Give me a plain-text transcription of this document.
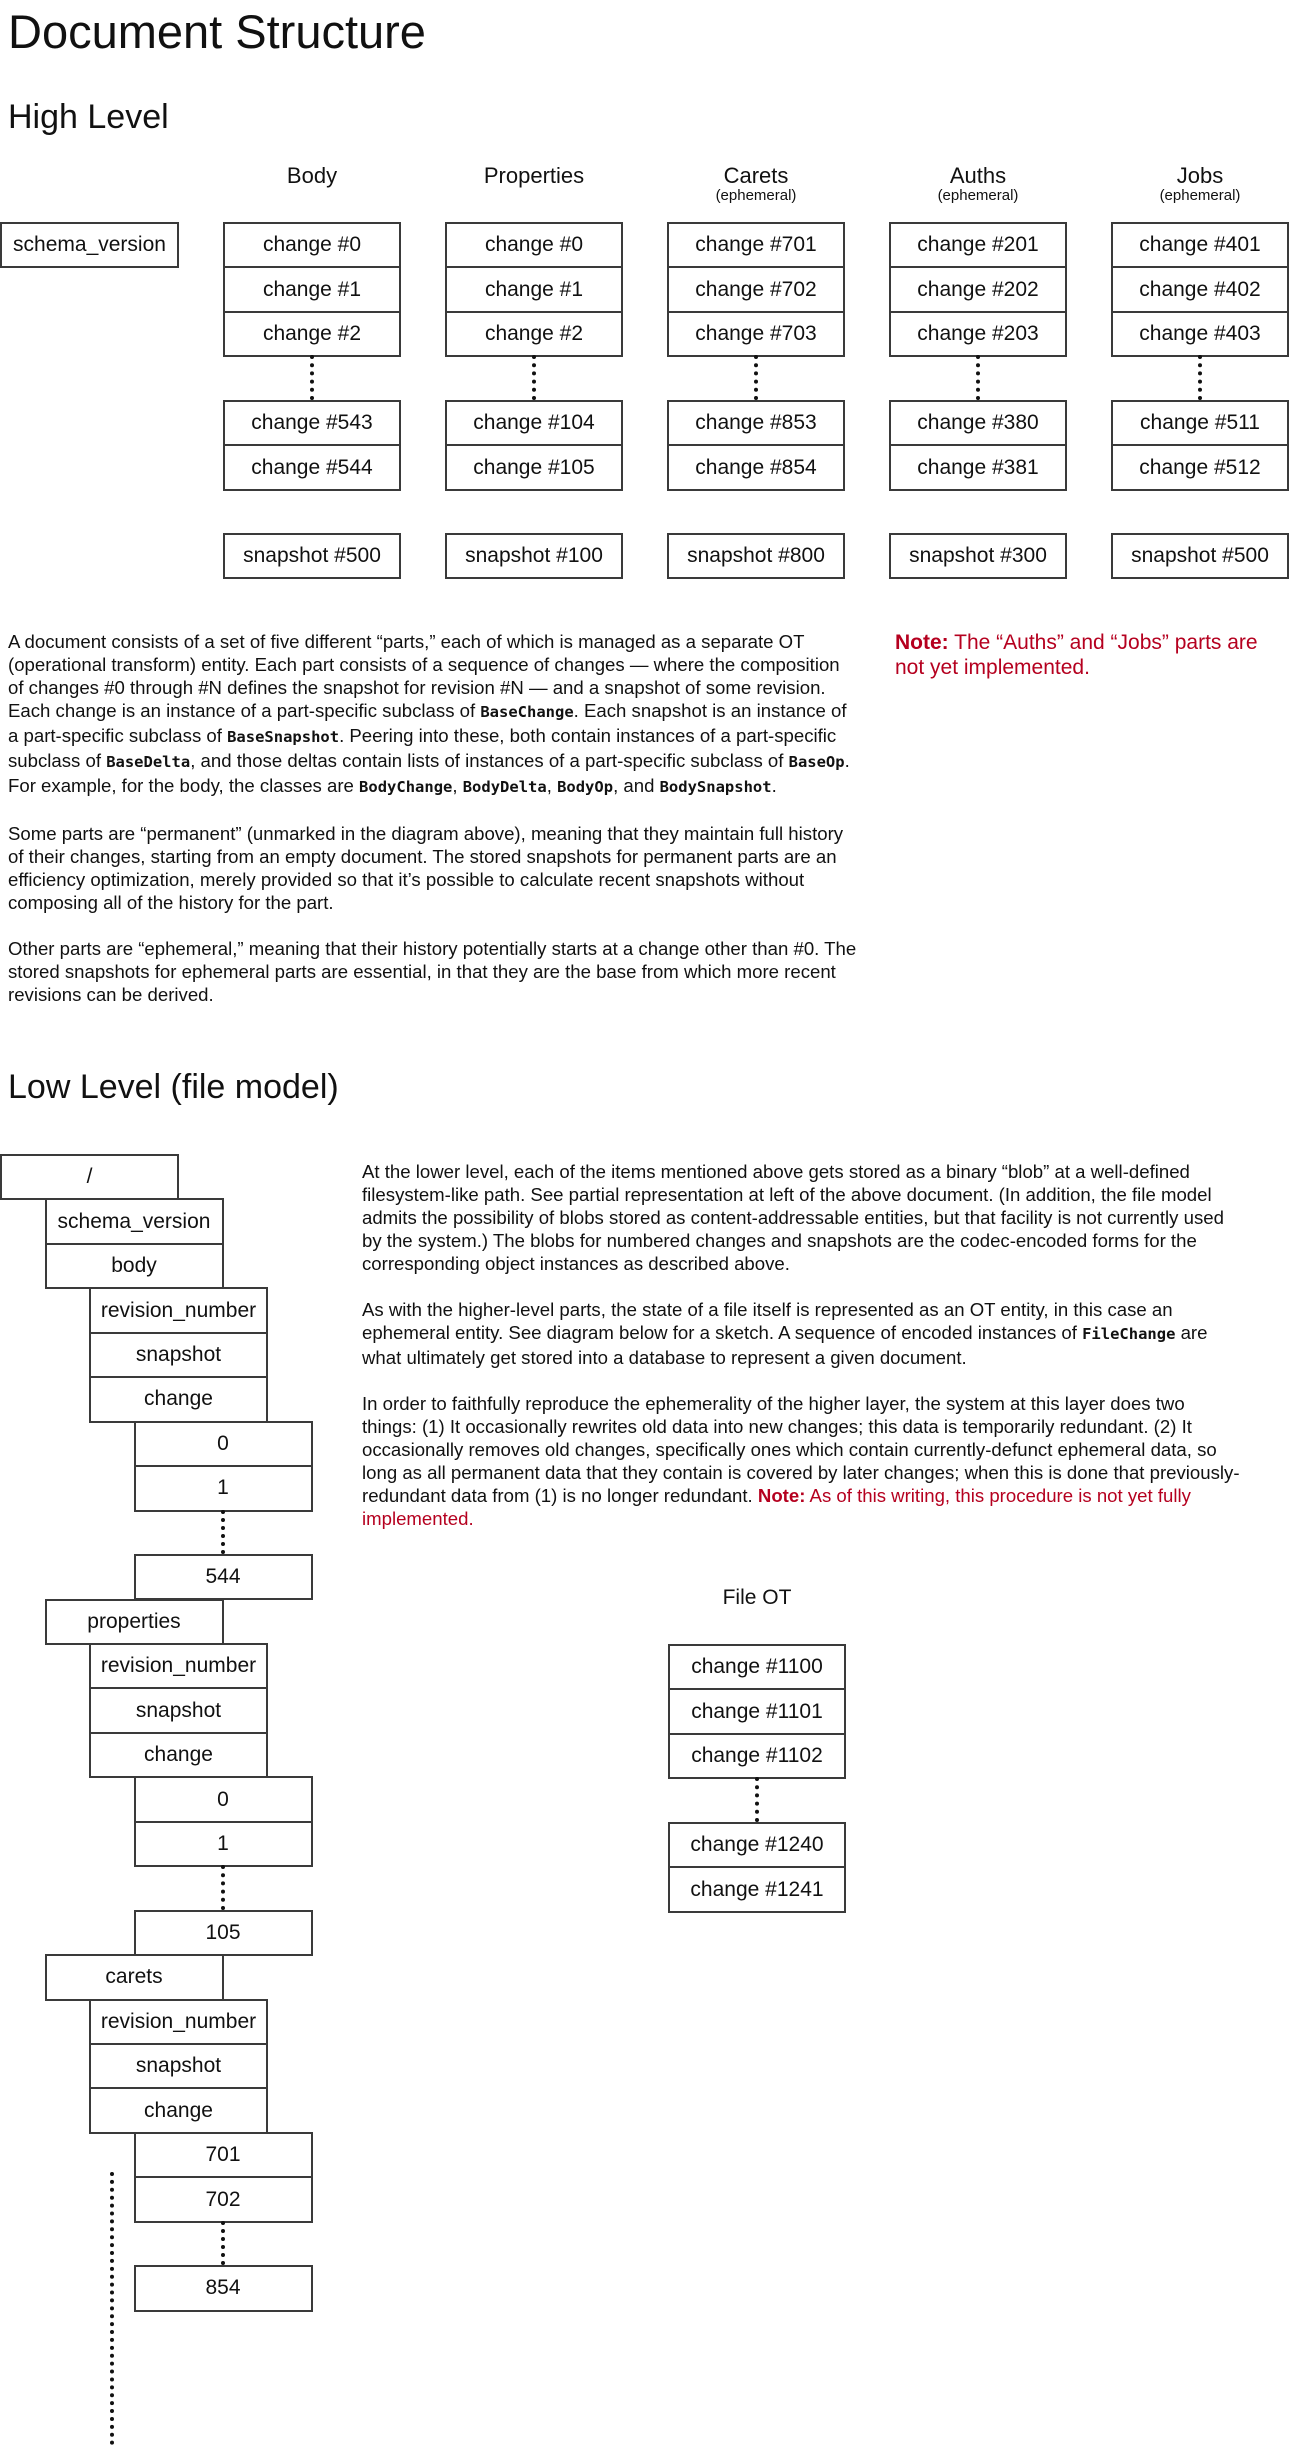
Document Structure
High Level
schema_version
Body
change #0
change #1
change #2
change #543
change #544
snapshot #500
Properties
change #0
change #1
change #2
change #104
change #105
snapshot #100
Carets
(ephemeral)
change #701
change #702
change #703
change #853
change #854
snapshot #800
Auths
(ephemeral)
change #201
change #202
change #203
change #380
change #381
snapshot #300
Jobs
(ephemeral)
change #401
change #402
change #403
change #511
change #512
snapshot #500

A document consists of a set of five different “parts,” each of which is managed as a separate OT (operational transform) entity. Each part consists of a sequence of changes — where the composition of changes #0 through #N defines the snapshot for revision #N — and a snapshot of some revision. Each change is an instance of a part-specific subclass of BaseChange. Each snapshot is an instance of a part-specific subclass of BaseSnapshot. Peering into these, both contain instances of a part-specific subclass of BaseDelta, and those deltas contain lists of instances of a part-specific subclass of BaseOp. For example, for the body, the classes are BodyChange, BodyDelta, BodyOp, and BodySnapshot.

Some parts are “permanent” (unmarked in the diagram above), meaning that they maintain full history of their changes, starting from an empty document. The stored snapshots for permanent parts are an efficiency optimization, merely provided so that it’s possible to calculate recent snapshots without composing all of the history for the part.

Other parts are “ephemeral,” meaning that their history potentially starts at a change other than #0. The stored snapshots for ephemeral parts are essential, in that they are the base from which more recent revisions can be derived.

Note: The “Auths” and “Jobs” parts are not yet implemented.
Low Level (file model)
/
schema_version
body
revision_number
snapshot
change
0
1
544
properties
revision_number
snapshot
change
0
1
105
carets
revision_number
snapshot
change
701
702
854

At the lower level, each of the items mentioned above gets stored as a binary “blob” at a well-defined filesystem-like path. See partial representation at left of the above document. (In addition, the file model admits the possibility of blobs stored as content-addressable entities, but that facility is not currently used by the system.) The blobs for numbered changes and snapshots are the codec-encoded forms for the corresponding object instances as described above.

As with the higher-level parts, the state of a file itself is represented as an OT entity, in this case an ephemeral entity. See diagram below for a sketch. A sequence of encoded instances of FileChange are what ultimately get stored into a database to represent a given document.

In order to faithfully reproduce the ephemerality of the higher layer, the system at this layer does two things: (1) It occasionally rewrites old data into new changes; this data is temporarily redundant. (2) It occasionally removes old changes, specifically ones which contain currently-defunct ephemeral data, so long as all permanent data that they contain is covered by later changes; when this is done that previously-redundant data from (1) is no longer redundant. Note: As of this writing, this procedure is not yet fully implemented.

File OT
change #1100
change #1101
change #1102
change #1240
change #1241
